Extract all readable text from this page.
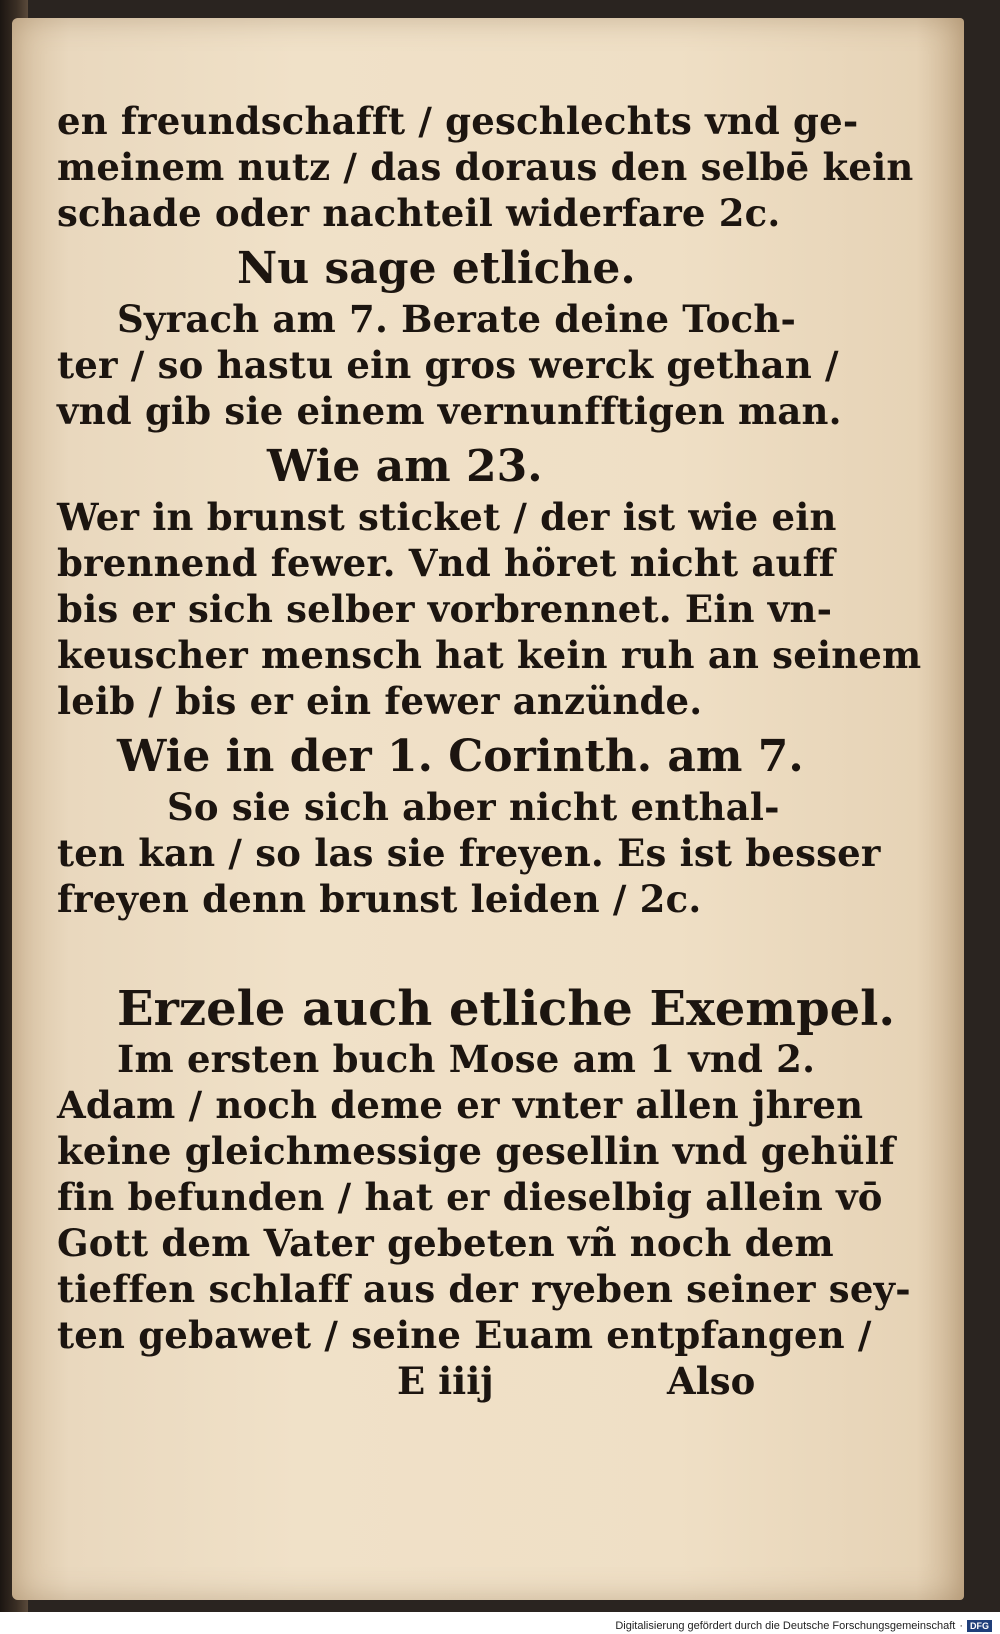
en freundschafft / geschlechts vnd ge-
meinem nutz / das doraus den selbē kein
schade oder nachteil widerfare 2c.
Nu sage etliche.
Syrach am 7. Berate deine Toch-
ter / so hastu ein gros werck gethan /
vnd gib sie einem vernunfftigen man.
Wie am 23.
Wer in brunst sticket / der ist wie ein
brennend fewer. Vnd höret nicht auff
bis er sich selber vorbrennet. Ein vn-
keuscher mensch hat kein ruh an seinem
leib / bis er ein fewer anzünde.
Wie in der 1. Corinth. am 7.
So sie sich aber nicht enthal-
ten kan / so las sie freyen. Es ist besser
freyen denn brunst leiden / 2c.
Erzele auch etliche Exempel.
Im ersten buch Mose am 1 vnd 2.
Adam / noch deme er vnter allen jhren
keine gleichmessige gesellin vnd gehülf
fin befunden / hat er dieselbig allein vō
Gott dem Vater gebeten vñ noch dem
tieffen schlaff aus der ryeben seiner sey-
ten gebawet / seine Euam entpfangen /
E iiij	Also
Digitalisierung gefördert durch die Deutsche Forschungsgemeinschaft · DFG
